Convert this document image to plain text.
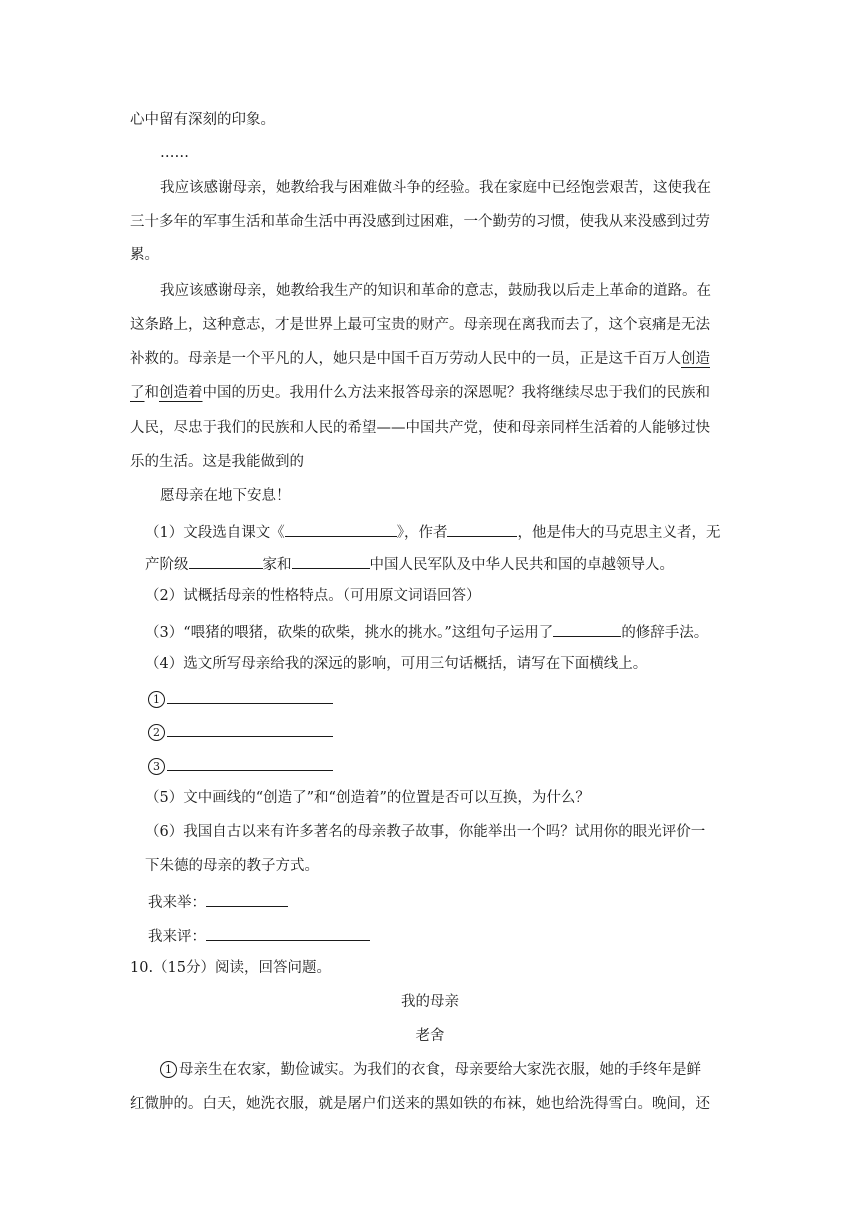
心中留有深刻的印象。
……
我应该感谢母亲，她教给我与困难做斗争的经验。我在家庭中已经饱尝艰苦，这使我在
三十多年的军事生活和革命生活中再没感到过困难，一个勤劳的习惯，使我从来没感到过劳
累。
我应该感谢母亲，她教给我生产的知识和革命的意志，鼓励我以后走上革命的道路。在
这条路上，这种意志，才是世界上最可宝贵的财产。母亲现在离我而去了，这个哀痛是无法
补救的。母亲是一个平凡的人，她只是中国千百万劳动人民中的一员，正是这千百万人创造
了和创造着中国的历史。我用什么方法来报答母亲的深恩呢？我将继续尽忠于我们的民族和
人民，尽忠于我们的民族和人民的希望——中国共产党，使和母亲同样生活着的人能够过快
乐的生活。这是我能做到的
愿母亲在地下安息！
（1）文段选自课文《	》，作者	，他是伟大的马克思主义者，无
产阶级	家和	中国人民军队及中华人民共和国的卓越领导人。
（2）试概括母亲的性格特点。（可用原文词语回答）
（3）“喂猪的喂猪，砍柴的砍柴，挑水的挑水。”这组句子运用了	的修辞手法。
（4）选文所写母亲给我的深远的影响，可用三句话概括，请写在下面横线上。
1
2
3
（5）文中画线的“创造了”和“创造着”的位置是否可以互换，为什么？
（6）我国自古以来有许多著名的母亲教子故事，你能举出一个吗？试用你的眼光评价一
下朱德的母亲的教子方式。
我来举：
我来评：
10.（15分）阅读，回答问题。
我的母亲
老舍
1 母亲生在农家，勤俭诚实。为我们的衣食，母亲要给大家洗衣服，她的手终年是鲜
红微肿的。白天，她洗衣服，就是屠户们送来的黑如铁的布袜，她也给洗得雪白。晚间，还
